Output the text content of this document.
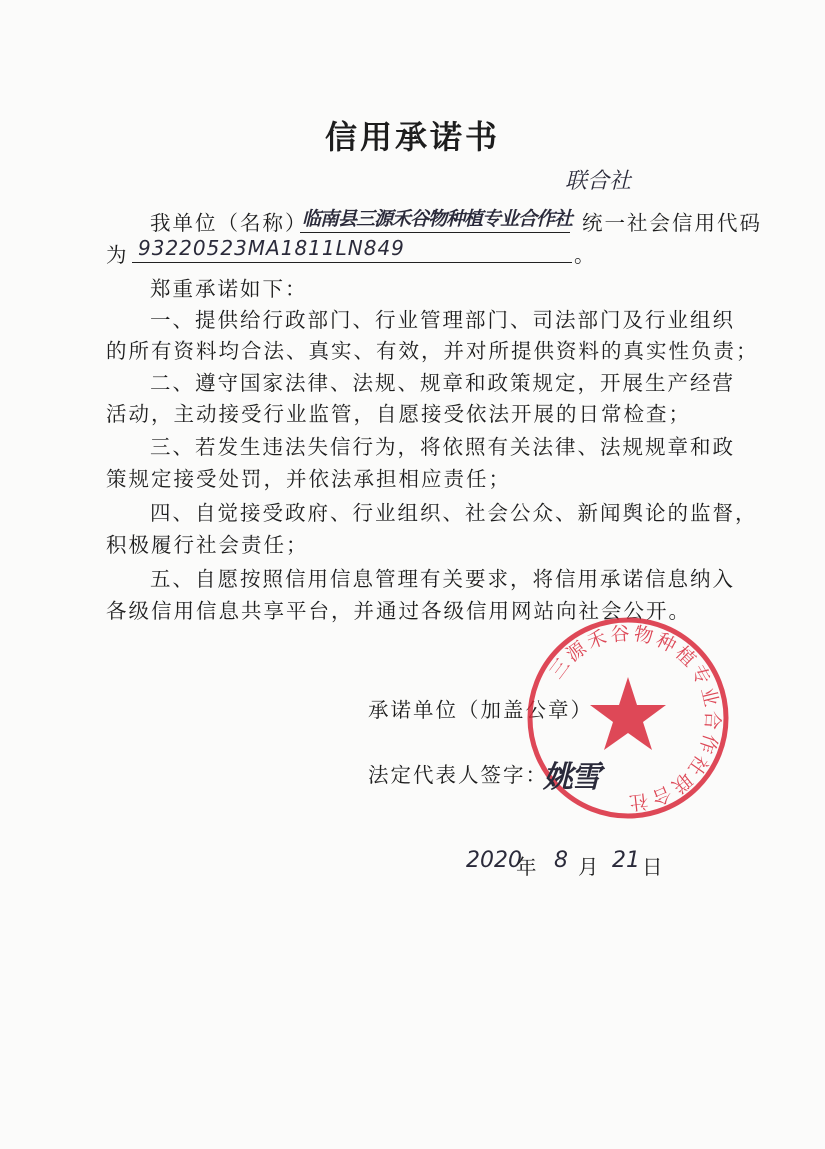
信用承诺书
联合社
我单位（名称）
临南县三源禾谷物种植专业合作社 统一社会信用代码
为 93220523MA1811LN849	。
郑重承诺如下：
一、提供给行政部门、行业管理部门、司法部门及行业组织
的所有资料均合法、真实、有效，并对所提供资料的真实性负责；
二、遵守国家法律、法规、规章和政策规定，开展生产经营
活动，主动接受行业监管，自愿接受依法开展的日常检查；
三、若发生违法失信行为，将依照有关法律、法规规章和政
策规定接受处罚，并依法承担相应责任；
四、自觉接受政府、行业组织、社会公众、新闻舆论的监督，
积极履行社会责任；
五、自愿按照信用信息管理有关要求，将信用承诺信息纳入
各级信用信息共享平台，并通过各级信用网站向社会公开。
承诺单位（加盖公章）
法定代表人签字：
三源禾谷物种植专业合作社联合社
姚雪
2020
年 8 月 21 日
